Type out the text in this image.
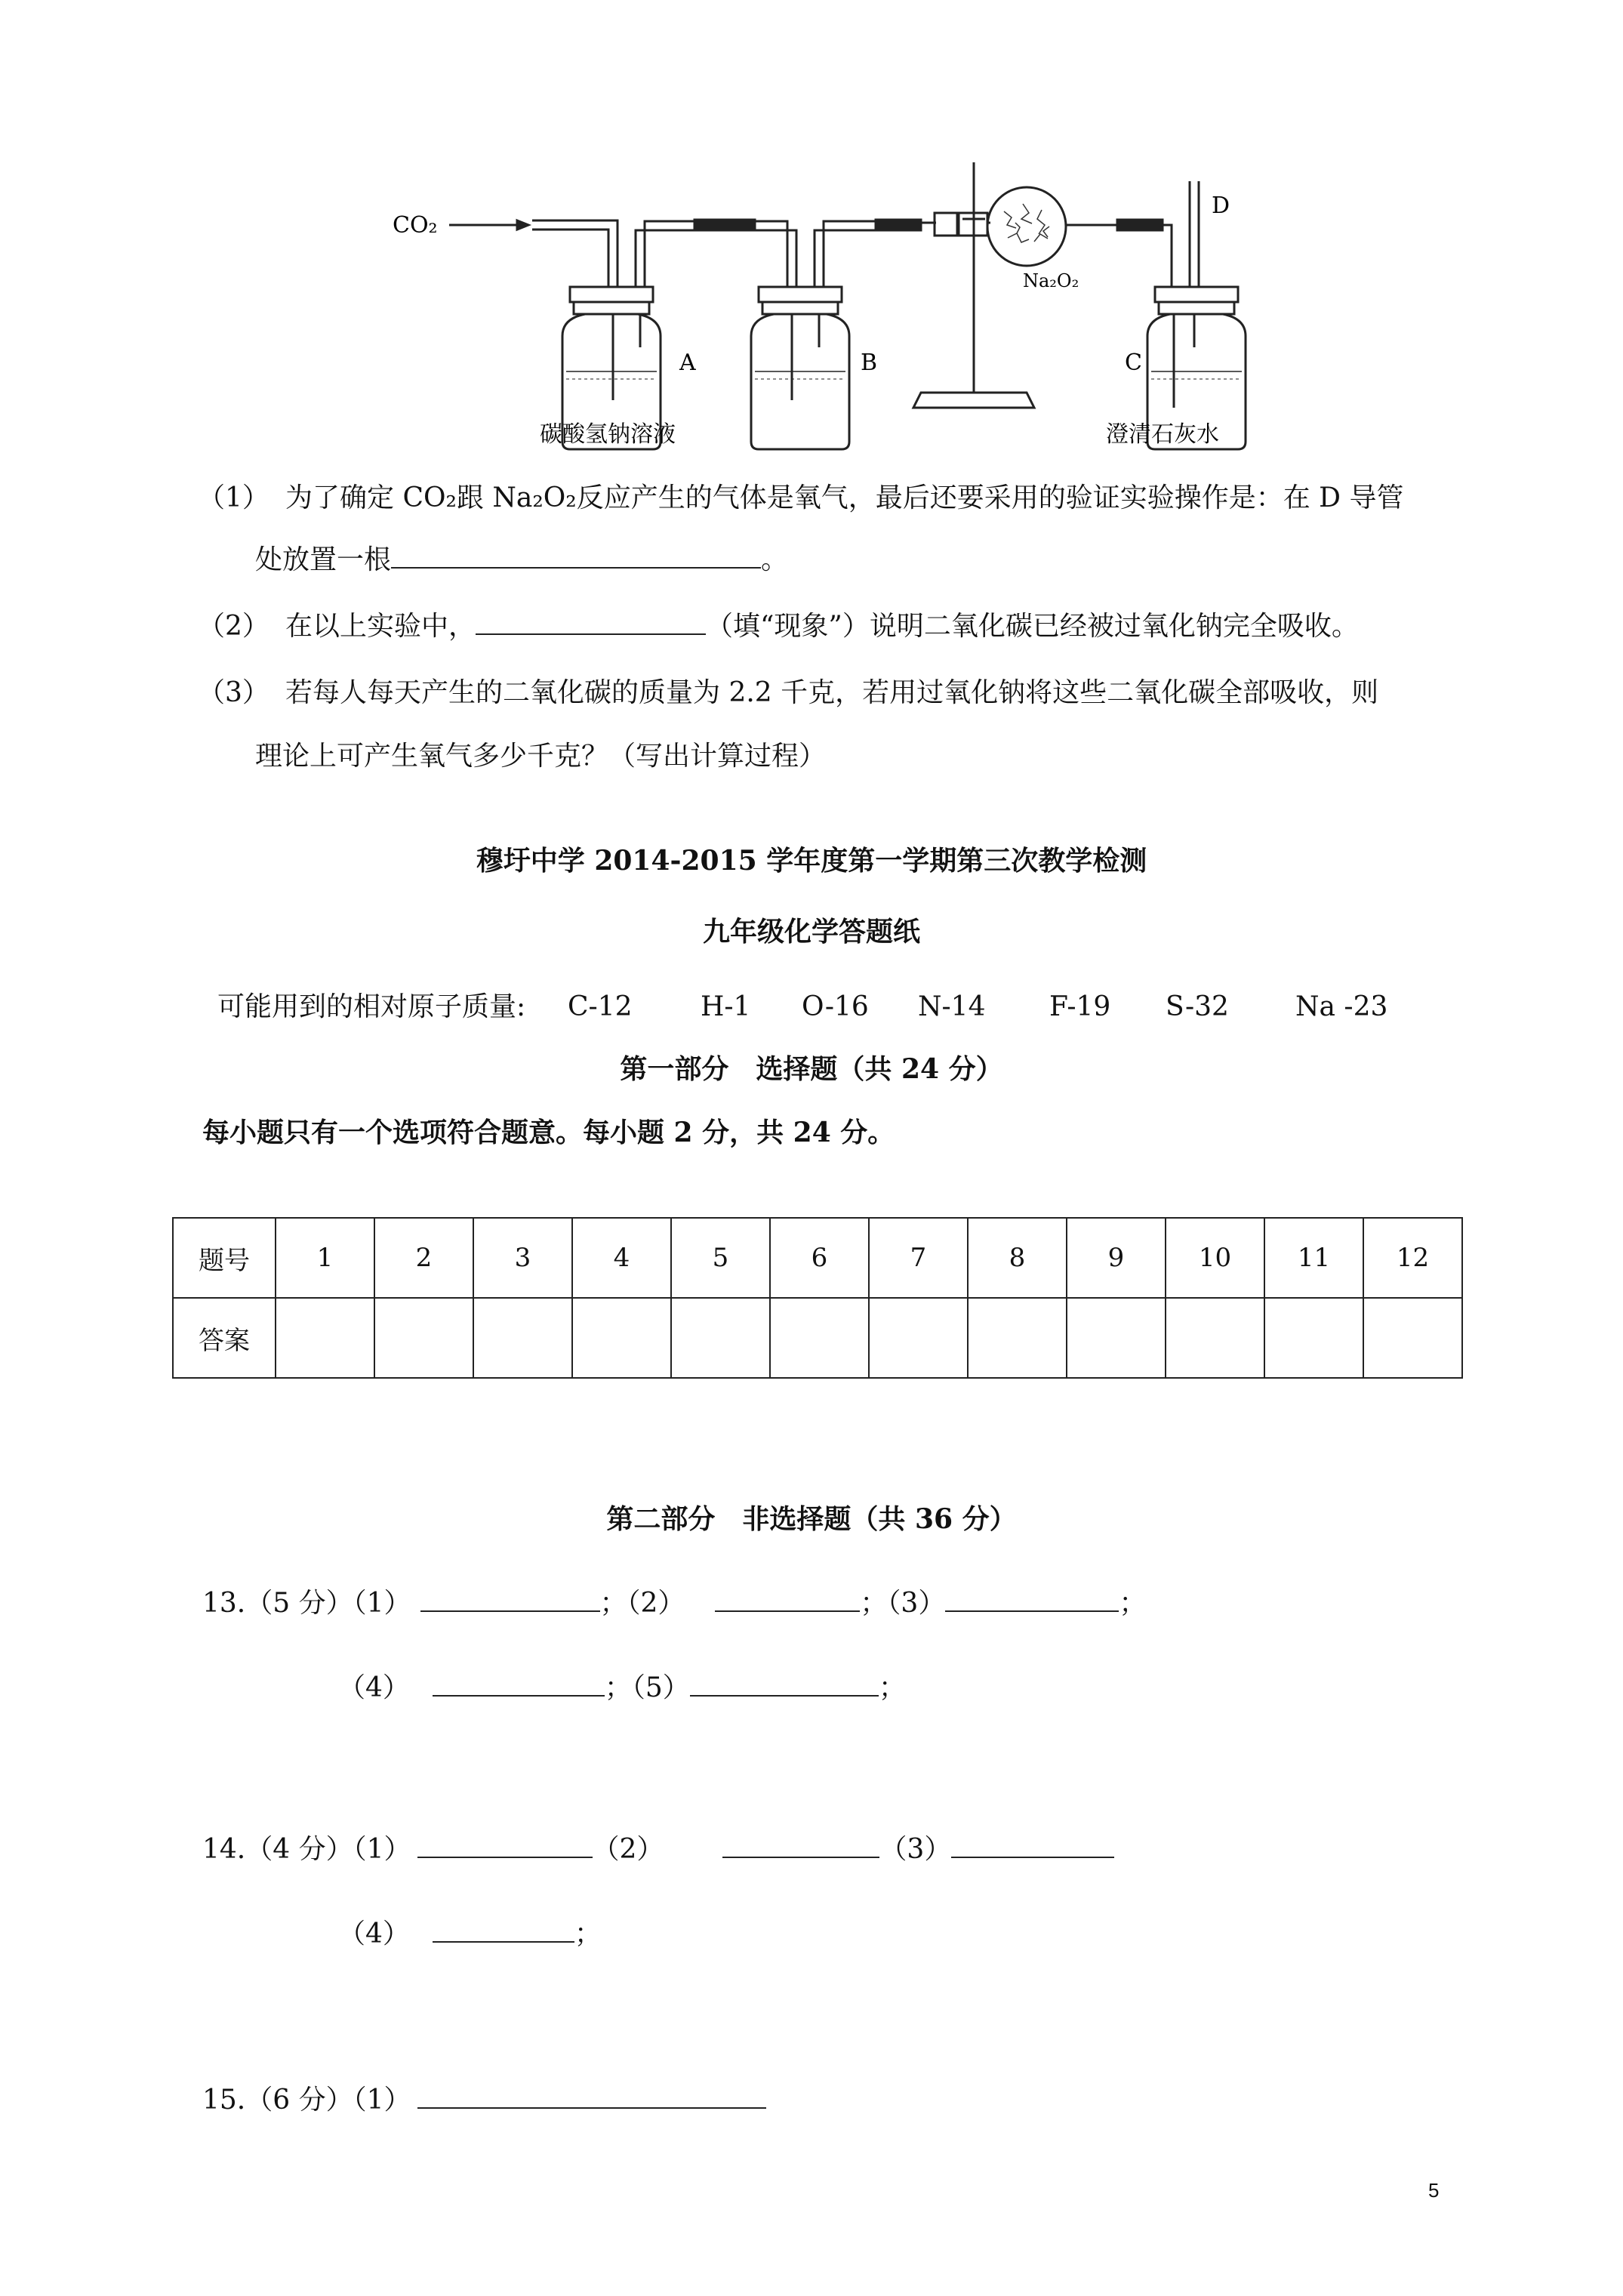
CO₂
Na₂O₂
A	B	C
D
碳酸氢钠溶液	澄清石灰水
（1） 为了确定 CO₂跟 Na₂O₂反应产生的气体是氧气，最后还要采用的验证实验操作是：在 D 导管
处放置一根	。
（2） 在以上实验中，	（填“现象”）说明二氧化碳已经被过氧化钠完全吸收。
（3） 若每人每天产生的二氧化碳的质量为 2.2 千克，若用过氧化钠将这些二氧化碳全部吸收，则
理论上可产生氧气多少千克？（写出计算过程）
穆圩中学 2014-2015 学年度第一学期第三次教学检测
九年级化学答题纸
可能用到的相对原子质量: C-12	H-1 O-16 N-14 F-19 S-32 Na -23
第一部分　选择题（共 24 分）
每小题只有一个选项符合题意。每小题 2 分，共 24 分。
题号	1	2	3	4	5	6	7	8	9	10	11	12
答案												
第二部分　非选择题（共 36 分）
13.（5 分）（1）	；（2）	；（3）	；
（4）	；（5）	；
14.（4 分）（1）	（2）	（3）
（4）	；
15.（6 分）（1）
5
